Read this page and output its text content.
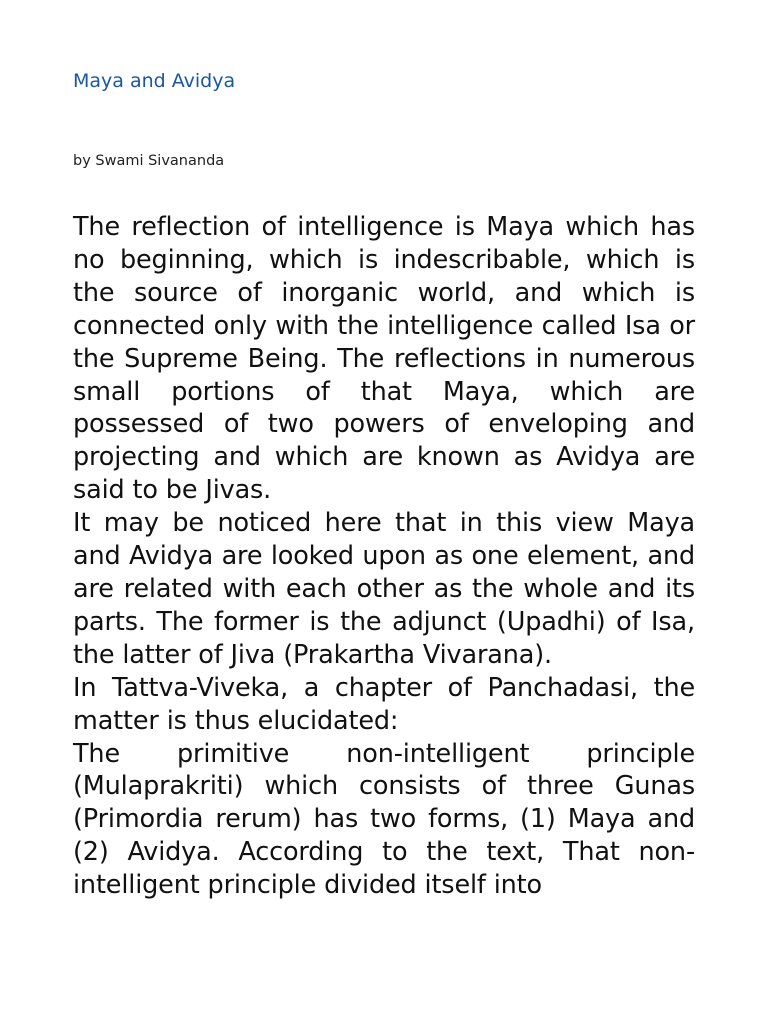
Maya and Avidya
by Swami Sivananda

The reflection of intelligence is Maya which has no beginning, which is indescribable, which is the source of inorganic world, and which is connected only with the intelligence called Isa or the Supreme Being. The reflections in numerous small portions of that Maya, which are possessed of two powers of enveloping and projecting and which are known as Avidya are said to be Jivas.

It may be noticed here that in this view Maya and Avidya are looked upon as one element, and are related with each other as the whole and its parts. The former is the adjunct (Upadhi) of Isa, the latter of Jiva (Prakartha Vivarana).

In Tattva-Viveka, a chapter of Panchadasi, the matter is thus elucidated:

The primitive non-intelligent principle (Mulaprakriti) which consists of three Gunas (Primordia rerum) has two forms, (1) Maya and (2) Avidya. According to the text, That non-intelligent principle divided itself into
